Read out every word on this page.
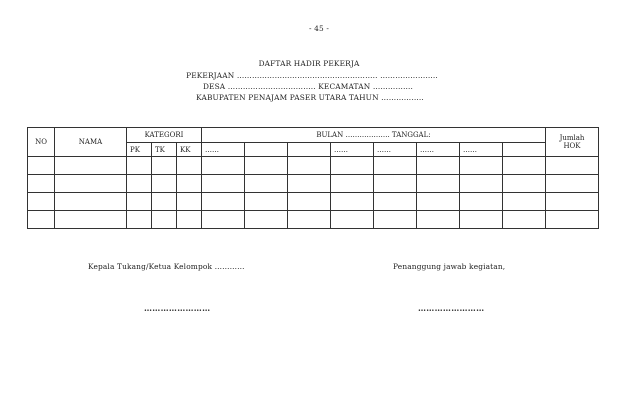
- 45 -
DAFTAR HADIR PEKERJA
PEKERJAAN ……………………………………………….. …………………..
DESA …………………………….. KECAMATAN …………….
KABUPATEN PENAJAM PASER UTARA TAHUN ……………..
NO	NAMA	KATEGORI			BULAN ………………. TANGGAL:								Jumlah
HOK

		PK	TK	KK	……			……	……	……	……		

Kepala Tukang/Ketua Kelompok …………	Penanggung jawab kegiatan,
……………………	……………………
